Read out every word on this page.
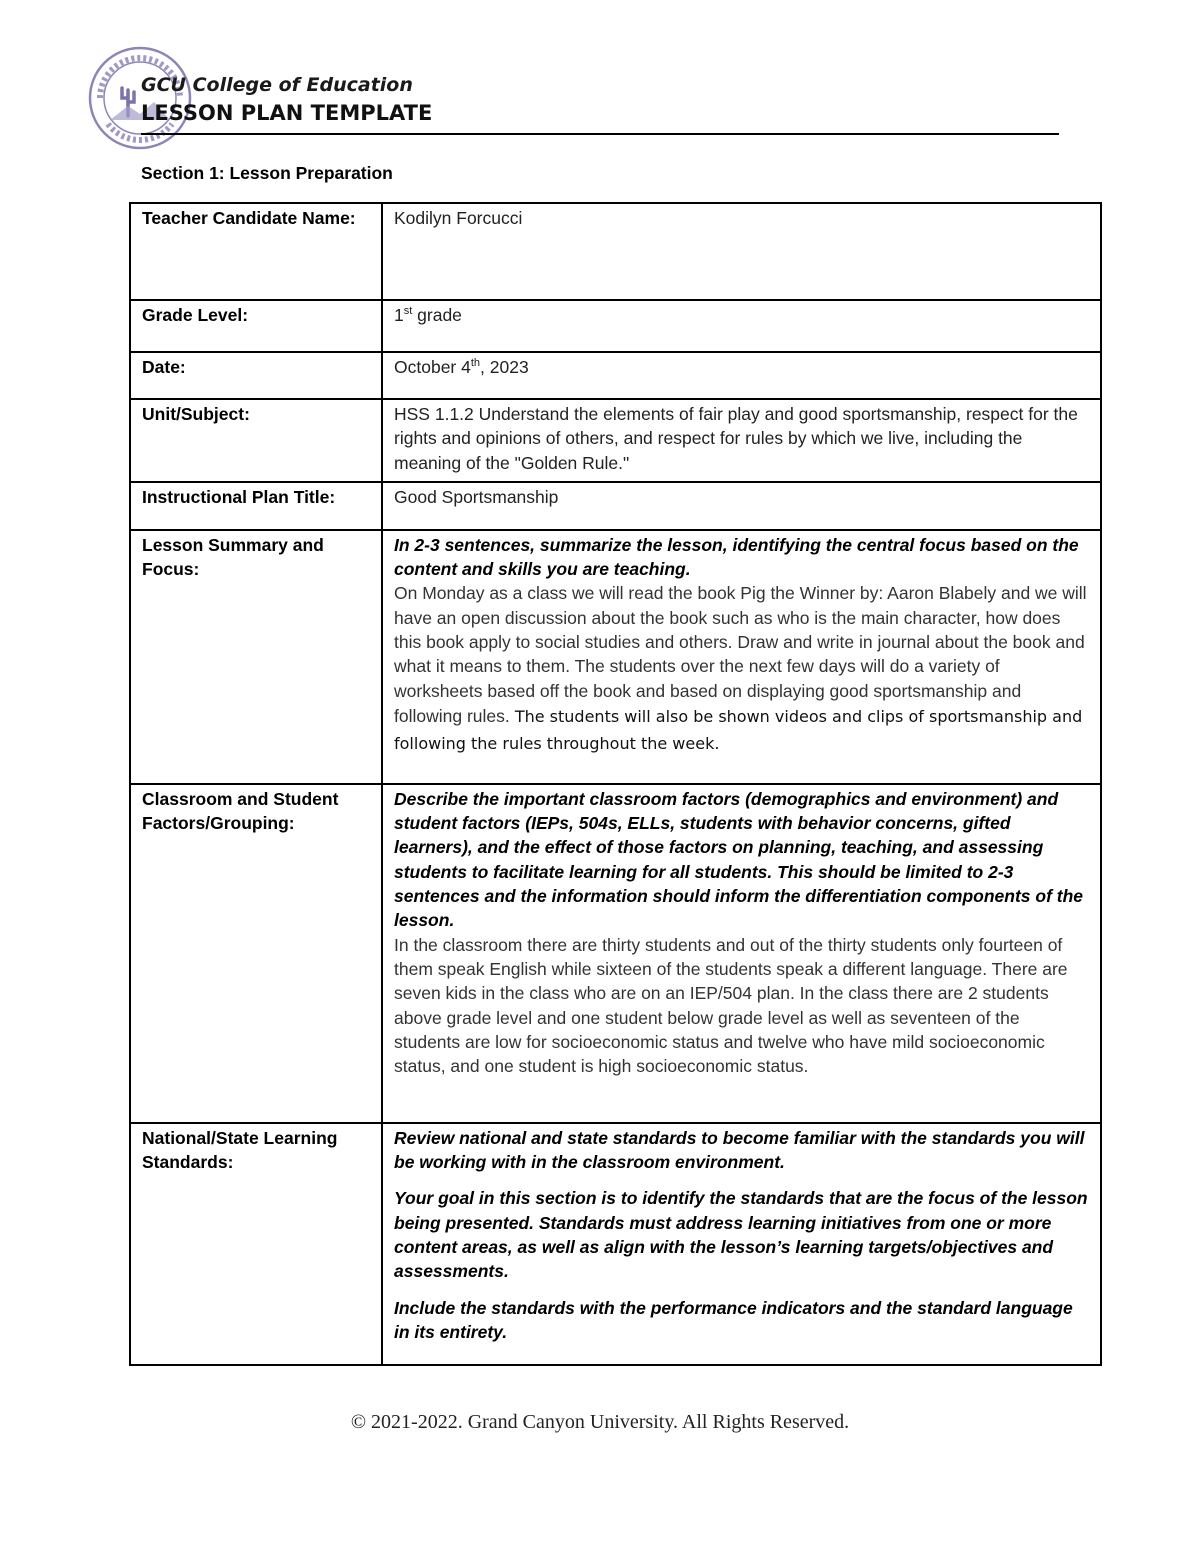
GCU College of Education
LESSON PLAN TEMPLATE
Section 1: Lesson Preparation
Teacher Candidate Name:	Kodilyn Forcucci
Grade Level:	1st grade
Date:	October 4th, 2023
Unit/Subject:	HSS 1.1.2 Understand the elements of fair play and good sportsmanship, respect for the rights and opinions of others, and respect for rules by which we live, including the meaning of the "Golden Rule."
Instructional Plan Title:	Good Sportsmanship
Lesson Summary and Focus:	In 2-3 sentences, summarize the lesson, identifying the central focus based on the content and skills you are teaching.
On Monday as a class we will read the book Pig the Winner by: Aaron Blabely and we will have an open discussion about the book such as who is the main character, how does this book apply to social studies and others. Draw and write in journal about the book and what it means to them. The students over the next few days will do a variety of worksheets based off the book and based on displaying good sportsmanship and following rules. The students will also be shown videos and clips of sportsmanship and following the rules throughout the week.

Classroom and Student Factors/Grouping:	Describe the important classroom factors (demographics and environment) and student factors (IEPs, 504s, ELLs, students with behavior concerns, gifted learners), and the effect of those factors on planning, teaching, and assessing students to facilitate learning for all students. This should be limited to 2-3 sentences and the information should inform the differentiation components of the lesson.
In the classroom there are thirty students and out of the thirty students only fourteen of them speak English while sixteen of the students speak a different language. There are seven kids in the class who are on an IEP/504 plan. In the class there are 2 students above grade level and one student below grade level as well as seventeen of the students are low for socioeconomic status and twelve who have mild socioeconomic status, and one student is high socioeconomic status.

National/State Learning Standards:	Review national and state standards to become familiar with the standards you will be working with in the classroom environment.

Your goal in this section is to identify the standards that are the focus of the lesson being presented. Standards must address learning initiatives from one or more content areas, as well as align with the lesson’s learning targets/objectives and assessments.

Include the standards with the performance indicators and the standard language in its entirety.

© 2021-2022. Grand Canyon University. All Rights Reserved.
